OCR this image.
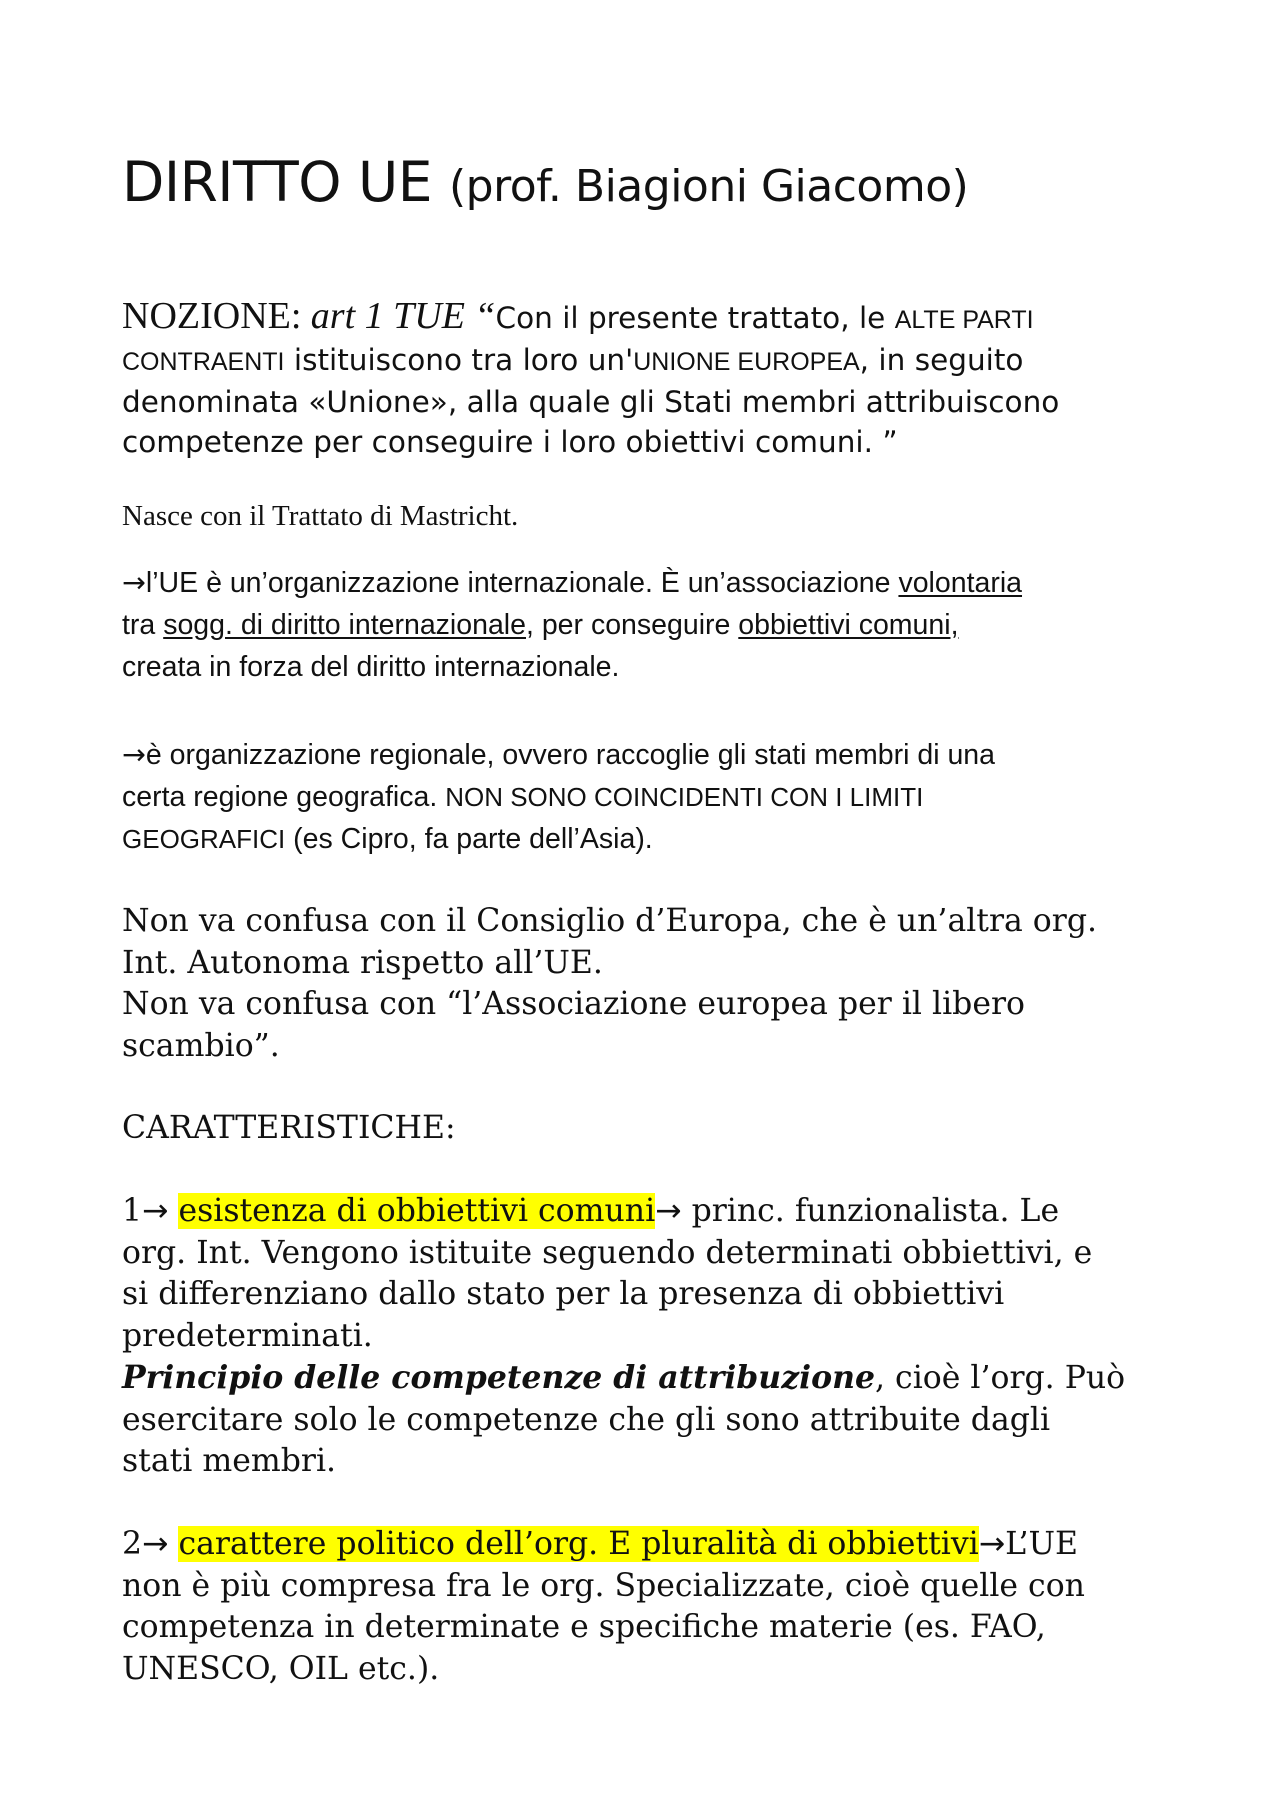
DIRITTO UE (prof. Biagioni Giacomo)
NOZIONE: art 1 TUE “Con il presente trattato, le ALTE PARTI
CONTRAENTI istituiscono tra loro un'UNIONE EUROPEA, in seguito
denominata «Unione», alla quale gli Stati membri attribuiscono
competenze per conseguire i loro obiettivi comuni. ”
Nasce con il Trattato di Mastricht.
→l’UE è un’organizzazione internazionale. È un’associazione volontaria
tra sogg. di diritto internazionale, per conseguire obbiettivi comuni,
creata in forza del diritto internazionale.
→è organizzazione regionale, ovvero raccoglie gli stati membri di una
certa regione geografica. NON SONO COINCIDENTI CON I LIMITI
GEOGRAFICI (es Cipro, fa parte dell’Asia).
Non va confusa con il Consiglio d’Europa, che è un’altra org.
Int. Autonoma rispetto all’UE.
Non va confusa con “l’Associazione europea per il libero
scambio”.
CARATTERISTICHE:
1→ esistenza di obbiettivi comuni→ princ. funzionalista. Le
org. Int. Vengono istituite seguendo determinati obbiettivi, e
si differenziano dallo stato per la presenza di obbiettivi
predeterminati.
Principio delle competenze di attribuzione, cioè l’org. Può
esercitare solo le competenze che gli sono attribuite dagli
stati membri.
2→ carattere politico dell’org. E pluralità di obbiettivi→L’UE
non è più compresa fra le org. Specializzate, cioè quelle con
competenza in determinate e specifiche materie (es. FAO,
UNESCO, OIL etc.).
